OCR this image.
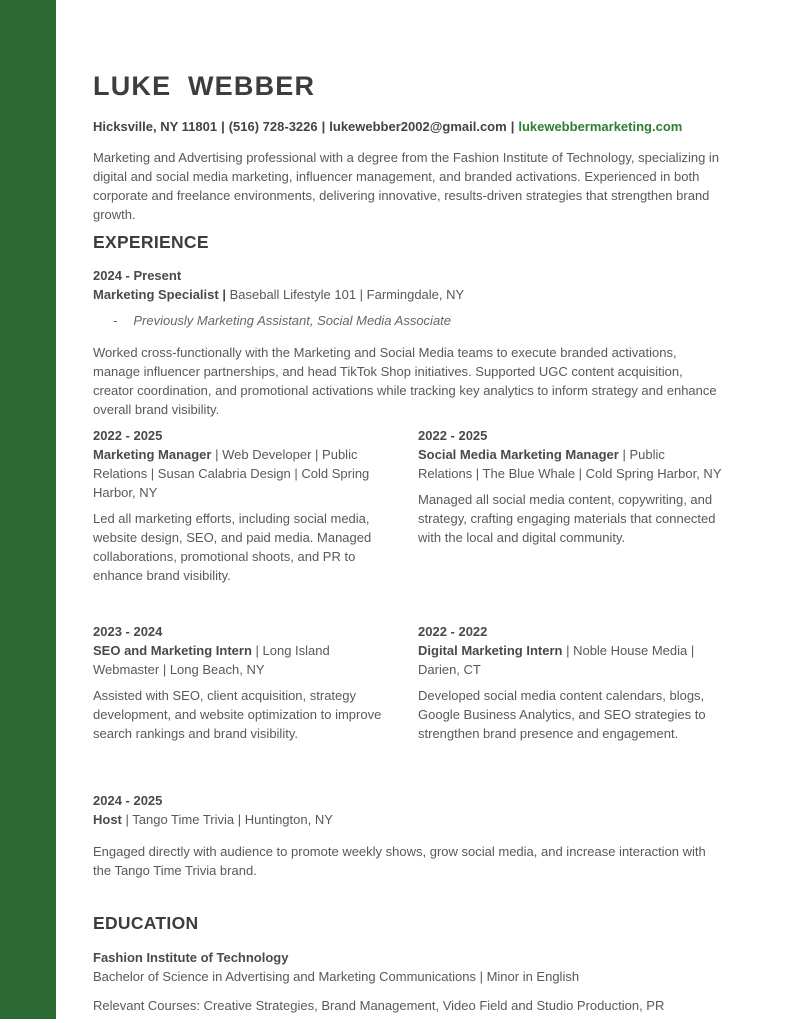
LUKE WEBBER

Hicksville, NY 11801 | (516) 728-3226 | lukewebber2002@gmail.com | lukewebbermarketing.com

Marketing and Advertising professional with a degree from the Fashion Institute of Technology, specializing in digital and social media marketing, influencer management, and branded activations. Experienced in both corporate and freelance environments, delivering innovative, results-driven strategies that strengthen brand growth.

EXPERIENCE

2024 - Present

Marketing Specialist | Baseball Lifestyle 101 | Farmingdale, NY

- Previously Marketing Assistant, Social Media Associate

Worked cross-functionally with the Marketing and Social Media teams to execute branded activations, manage influencer partnerships, and head TikTok Shop initiatives. Supported UGC content acquisition, creator coordination, and promotional activations while tracking key analytics to inform strategy and enhance overall brand visibility.

2022 - 2025

Marketing Manager | Web Developer | Public Relations | Susan Calabria Design | Cold Spring Harbor, NY

Led all marketing efforts, including social media, website design, SEO, and paid media. Managed collaborations, promotional shoots, and PR to enhance brand visibility.

2022 - 2025

Social Media Marketing Manager | Public Relations | The Blue Whale | Cold Spring Harbor, NY

Managed all social media content, copywriting, and strategy, crafting engaging materials that connected with the local and digital community.

2023 - 2024

SEO and Marketing Intern | Long Island Webmaster | Long Beach, NY

Assisted with SEO, client acquisition, strategy development, and website optimization to improve search rankings and brand visibility.

2022 - 2022

Digital Marketing Intern | Noble House Media | Darien, CT

Developed social media content calendars, blogs, Google Business Analytics, and SEO strategies to strengthen brand presence and engagement.

2024 - 2025

Host | Tango Time Trivia | Huntington, NY

Engaged directly with audience to promote weekly shows, grow social media, and increase interaction with the Tango Time Trivia brand.

EDUCATION

Fashion Institute of Technology

Bachelor of Science in Advertising and Marketing Communications | Minor in English

Relevant Courses: Creative Strategies, Brand Management, Video Field and Studio Production, PR
